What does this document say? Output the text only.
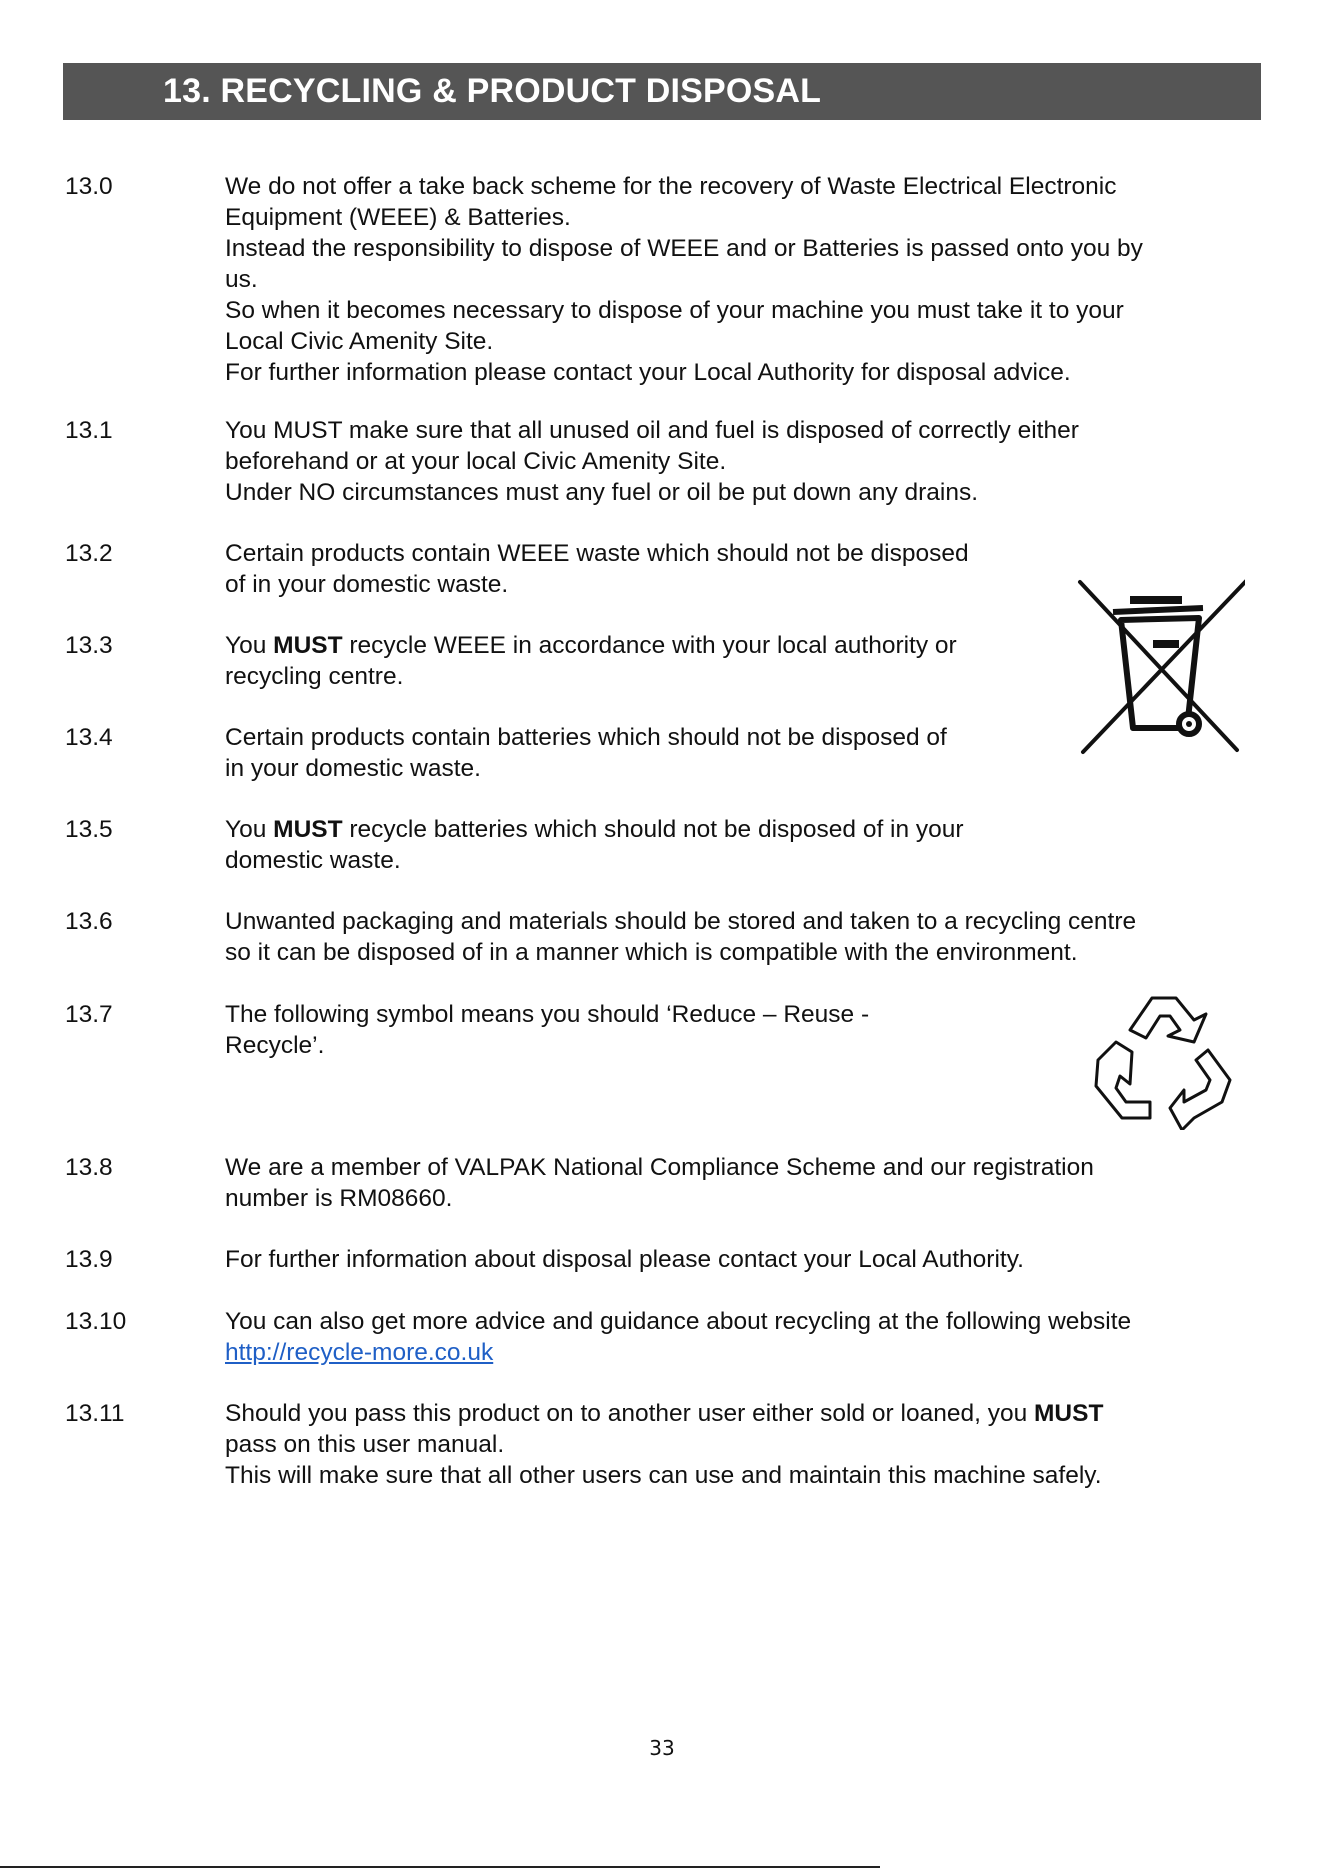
13. RECYCLING & PRODUCT DISPOSAL
13.0	We do not offer a take back scheme for the recovery of Waste Electrical Electronic

Equipment (WEEE) & Batteries.

Instead the responsibility to dispose of WEEE and or Batteries is passed onto you by

us.

So when it becomes necessary to dispose of your machine you must take it to your

Local Civic Amenity Site.

For further information please contact your Local Authority for disposal advice.

13.1	You MUST make sure that all unused oil and fuel is disposed of correctly either

beforehand or at your local Civic Amenity Site.

Under NO circumstances must any fuel or oil be put down any drains.

13.2	Certain products contain WEEE waste which should not be disposed

of in your domestic waste.

13.3	You MUST recycle WEEE in accordance with your local authority or

recycling centre.

13.4	Certain products contain batteries which should not be disposed of

in your domestic waste.

13.5	You MUST recycle batteries which should not be disposed of in your

domestic waste.

13.6	Unwanted packaging and materials should be stored and taken to a recycling centre

so it can be disposed of in a manner which is compatible with the environment.

13.7	The following symbol means you should ‘Reduce – Reuse -

Recycle’.

13.8	We are a member of VALPAK National Compliance Scheme and our registration

number is RM08660.

13.9	For further information about disposal please contact your Local Authority.

13.10	You can also get more advice and guidance about recycling at the following website

http://recycle-more.co.uk

13.11	Should you pass this product on to another user either sold or loaned, you MUST

pass on this user manual.

This will make sure that all other users can use and maintain this machine safely.

33
